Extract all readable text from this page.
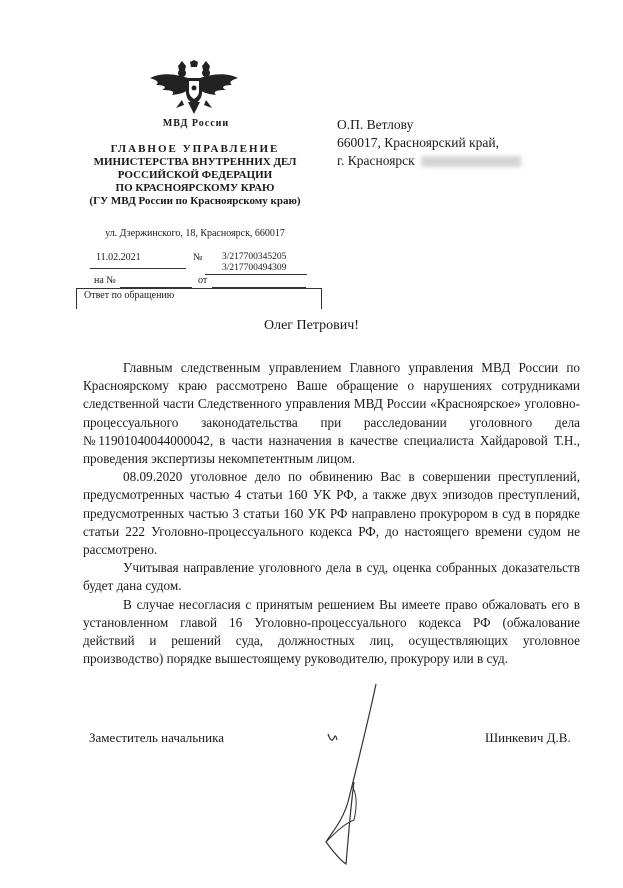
МВД России
ГЛАВНОЕ УПРАВЛЕНИЕ
МИНИСТЕРСТВА ВНУТРЕННИХ ДЕЛ
РОССИЙСКОЙ ФЕДЕРАЦИИ
ПО КРАСНОЯРСКОМУ КРАЮ
(ГУ МВД России по Красноярскому краю)
ул. Дзержинского, 18, Красноярск, 660017
11.02.2021	№ 3/217700345205
3/217700494309
на №	от
Ответ по обращению
О.П. Ветлову
660017, Красноярский край,
г. Красноярск
Олег Петрович!

Главным следственным управлением Главного управления МВД России по Красноярскому краю рассмотрено Ваше обращение о нарушениях сотрудниками следственной части Следственного управления МВД России «Красноярское» уголовно-процессуального законодательства при расследовании уголовного дела №11901040044000042, в части назначения в качестве специалиста Хайдаровой Т.Н., проведения экспертизы некомпетентным лицом.

08.09.2020 уголовное дело по обвинению Вас в совершении преступлений, предусмотренных частью 4 статьи 160 УК РФ, а также двух эпизодов преступлений, предусмотренных частью 3 статьи 160 УК РФ направлено прокурором в суд в порядке статьи 222 Уголовно-процессуального кодекса РФ, до настоящего времени судом не рассмотрено.

Учитывая направление уголовного дела в суд, оценка собранных доказательств будет дана судом.

В случае несогласия с принятым решением Вы имеете право обжаловать его в установленном главой 16 Уголовно-процессуального кодекса РФ (обжалование действий и решений суда, должностных лиц, осуществляющих уголовное производство) порядке вышестоящему руководителю, прокурору или в суд.

Заместитель начальника	Шинкевич Д.В.
